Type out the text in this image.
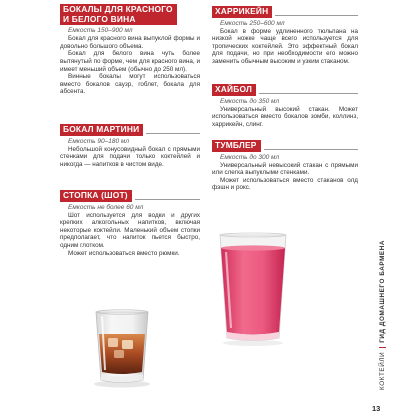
БОКАЛЫ ДЛЯ КРАСНОГО
И БЕЛОГО ВИНА
Емкость 150–900 мл

Бокал для красного вина выпуклой формы и довольно большого объема.

Бокал для белого вина чуть более вытянутый по форме, чем для красного вина, и имеет меньший объем (обычно до 250 мл).

Винные бокалы могут использоваться вместо бокалов саузр, гоблет, бокала для абсента.

БОКАЛ МАРТИНИ
Емкость 90–180 мл

Небольшой конусовидный бокал с прямыми стенками для подачи только коктейлей и никогда — напитков в чистом виде.

СТОПКА (ШОТ)
Емкость не более 60 мл

Шот используется для водки и других крепких алкогольных напитков, включая некоторые коктейли. Маленький объем стопки предполагает, что напиток пьется быстро, одним глотком.

Может использоваться вместо рюмки.

ХАРРИКЕЙН
Емкость 250–600 мл

Бокал в форме удлиненного тюльпана на низкой ножке чаще всего используется для тропических коктейлей. Это эффектный бокал для подачи, но при необходимости его можно заменить обычным высоким и узким стаканом.

ХАЙБОЛ
Емкость до 350 мл

Универсальный высокий стакан. Может использоваться вместо бокалов зомби, коллинз, харрикейн, слинг.

ТУМБЛЕР
Емкость до 300 мл

Универсальный невысокий стакан с прямыми или слегка выпуклыми стенками.

Может использоваться вместо стаканов олд фэшн и рокс.

КОКТЕЙЛИ
ГИД ДОМАШНЕГО БАРМЕНА
13
